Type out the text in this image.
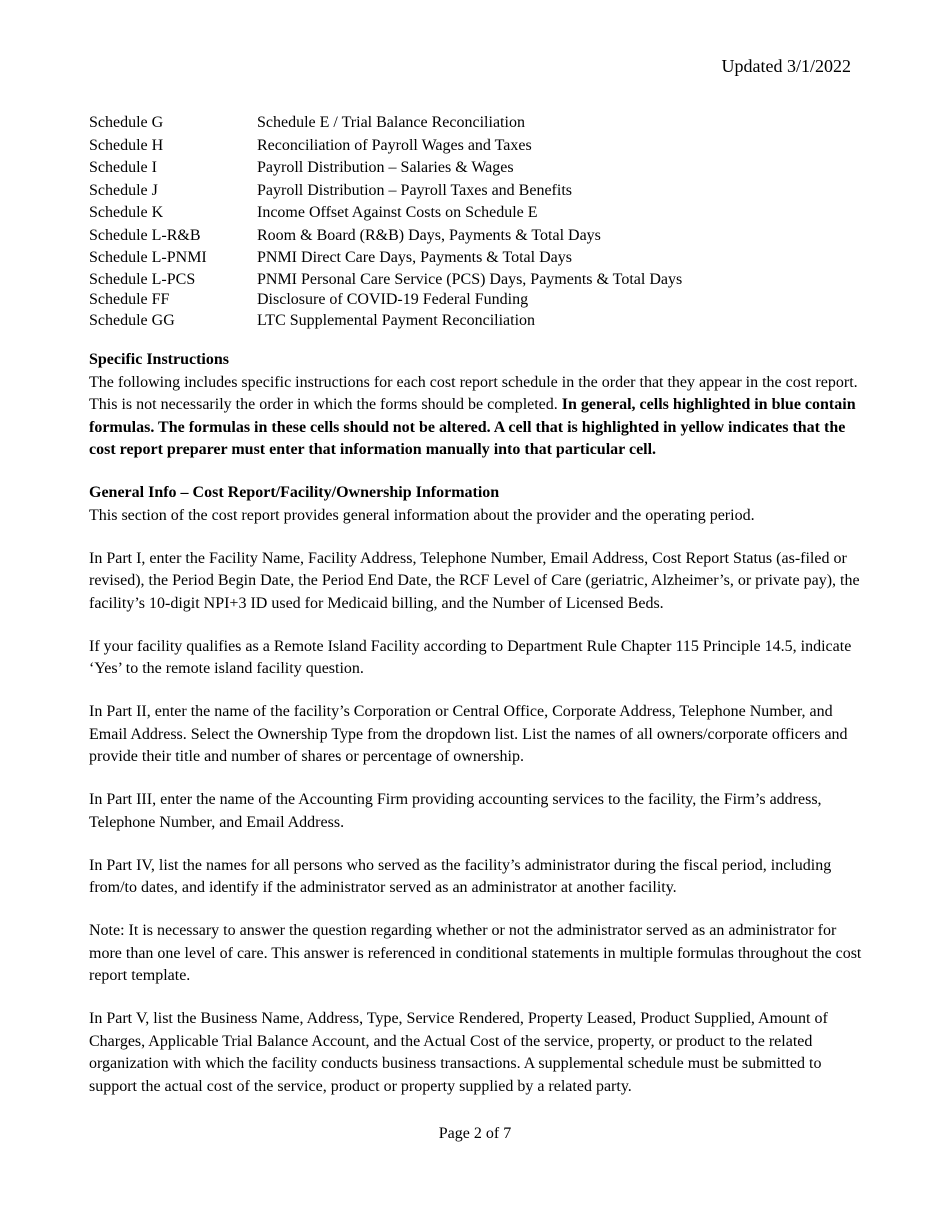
Updated 3/1/2022
Schedule G	Schedule E / Trial Balance Reconciliation
Schedule H	Reconciliation of Payroll Wages and Taxes
Schedule I	Payroll Distribution – Salaries & Wages
Schedule J	Payroll Distribution – Payroll Taxes and Benefits
Schedule K	Income Offset Against Costs on Schedule E
Schedule L-R&B	Room & Board (R&B) Days, Payments & Total Days
Schedule L-PNMI	PNMI Direct Care Days, Payments & Total Days
Schedule L-PCS	PNMI Personal Care Service (PCS) Days, Payments & Total Days
Schedule FF	Disclosure of COVID-19 Federal Funding
Schedule GG	LTC Supplemental Payment Reconciliation

Specific Instructions
The following includes specific instructions for each cost report schedule in the order that they appear in the cost report. This is not necessarily the order in which the forms should be completed. In general, cells highlighted in blue contain formulas. The formulas in these cells should not be altered. A cell that is highlighted in yellow indicates that the cost report preparer must enter that information manually into that particular cell.

General Info – Cost Report/Facility/Ownership Information
This section of the cost report provides general information about the provider and the operating period.

In Part I, enter the Facility Name, Facility Address, Telephone Number, Email Address, Cost Report Status (as-filed or revised), the Period Begin Date, the Period End Date, the RCF Level of Care (geriatric, Alzheimer’s, or private pay), the facility’s 10-digit NPI+3 ID used for Medicaid billing, and the Number of Licensed Beds.

If your facility qualifies as a Remote Island Facility according to Department Rule Chapter 115 Principle 14.5, indicate ‘Yes’ to the remote island facility question.

In Part II, enter the name of the facility’s Corporation or Central Office, Corporate Address, Telephone Number, and Email Address. Select the Ownership Type from the dropdown list. List the names of all owners/corporate officers and provide their title and number of shares or percentage of ownership.

In Part III, enter the name of the Accounting Firm providing accounting services to the facility, the Firm’s address, Telephone Number, and Email Address.

In Part IV, list the names for all persons who served as the facility’s administrator during the fiscal period, including from/to dates, and identify if the administrator served as an administrator at another facility.

Note: It is necessary to answer the question regarding whether or not the administrator served as an administrator for more than one level of care. This answer is referenced in conditional statements in multiple formulas throughout the cost report template.

In Part V, list the Business Name, Address, Type, Service Rendered, Property Leased, Product Supplied, Amount of Charges, Applicable Trial Balance Account, and the Actual Cost of the service, property, or product to the related organization with which the facility conducts business transactions. A supplemental schedule must be submitted to support the actual cost of the service, product or property supplied by a related party.

Page 2 of 7
